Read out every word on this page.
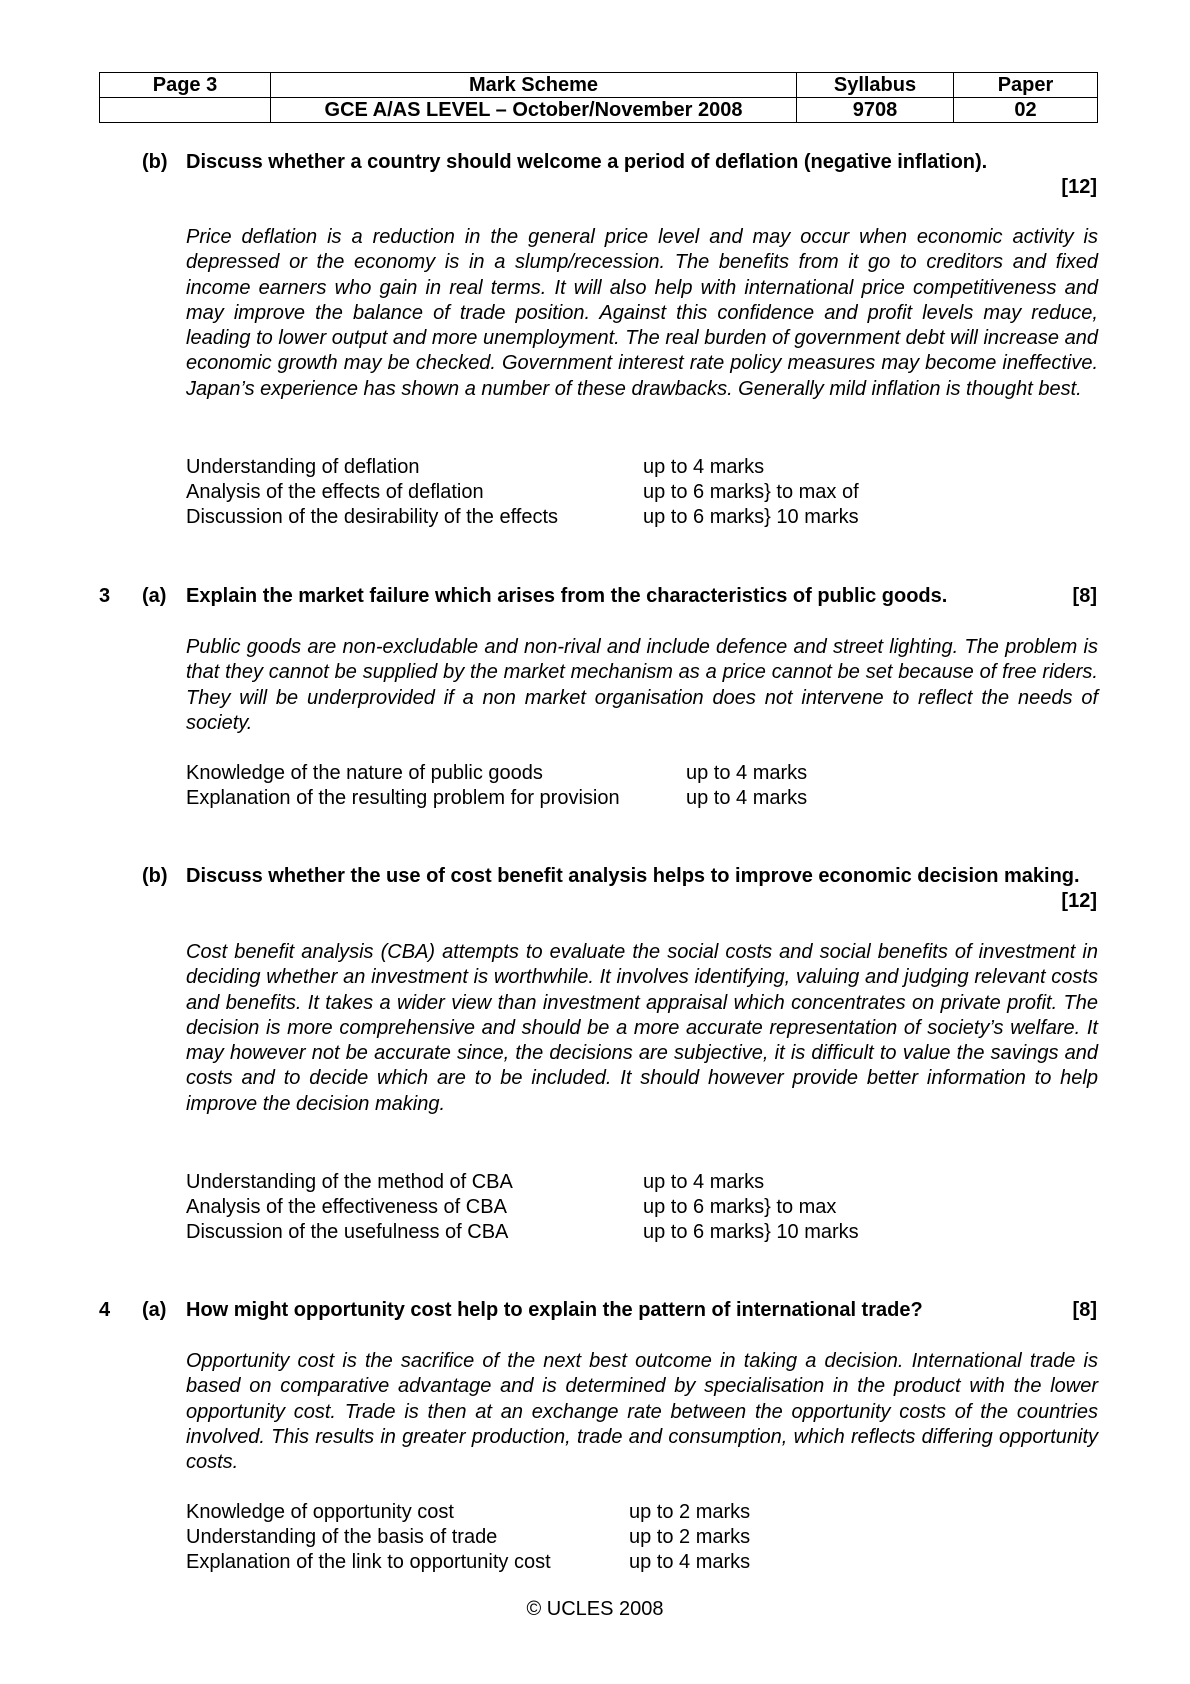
Page 3	Mark Scheme	Syllabus	Paper
	GCE A/AS LEVEL – October/November 2008	9708	02
(b) Discuss whether a country should welcome a period of deflation (negative inflation).
[12]
Price deflation is a reduction in the general price level and may occur when economic activity is depressed or the economy is in a slump/recession. The benefits from it go to creditors and fixed income earners who gain in real terms. It will also help with international price competitiveness and may improve the balance of trade position. Against this confidence and profit levels may reduce, leading to lower output and more unemployment. The real burden of government debt will increase and economic growth may be checked. Government interest rate policy measures may become ineffective. Japan’s experience has shown a number of these drawbacks. Generally mild inflation is thought best.
Understanding of deflation	up to 4 marks
Analysis of the effects of deflation	up to 6 marks} to max of
Discussion of the desirability of the effects	up to 6 marks} 10 marks
3 (a) Explain the market failure which arises from the characteristics of public goods.	[8]
Public goods are non-excludable and non-rival and include defence and street lighting. The problem is that they cannot be supplied by the market mechanism as a price cannot be set because of free riders. They will be underprovided if a non market organisation does not intervene to reflect the needs of society.
Knowledge of the nature of public goods	up to 4 marks
Explanation of the resulting problem for provision	up to 4 marks
(b) Discuss whether the use of cost benefit analysis helps to improve economic decision making.
[12]
Cost benefit analysis (CBA) attempts to evaluate the social costs and social benefits of investment in deciding whether an investment is worthwhile. It involves identifying, valuing and judging relevant costs and benefits. It takes a wider view than investment appraisal which concentrates on private profit. The decision is more comprehensive and should be a more accurate representation of society’s welfare. It may however not be accurate since, the decisions are subjective, it is difficult to value the savings and costs and to decide which are to be included. It should however provide better information to help improve the decision making.
Understanding of the method of CBA	up to 4 marks
Analysis of the effectiveness of CBA	up to 6 marks} to max
Discussion of the usefulness of CBA	up to 6 marks} 10 marks
4 (a) How might opportunity cost help to explain the pattern of international trade?	[8]
Opportunity cost is the sacrifice of the next best outcome in taking a decision. International trade is based on comparative advantage and is determined by specialisation in the product with the lower opportunity cost. Trade is then at an exchange rate between the opportunity costs of the countries involved. This results in greater production, trade and consumption, which reflects differing opportunity costs.
Knowledge of opportunity cost	up to 2 marks
Understanding of the basis of trade	up to 2 marks
Explanation of the link to opportunity cost	up to 4 marks
© UCLES 2008
